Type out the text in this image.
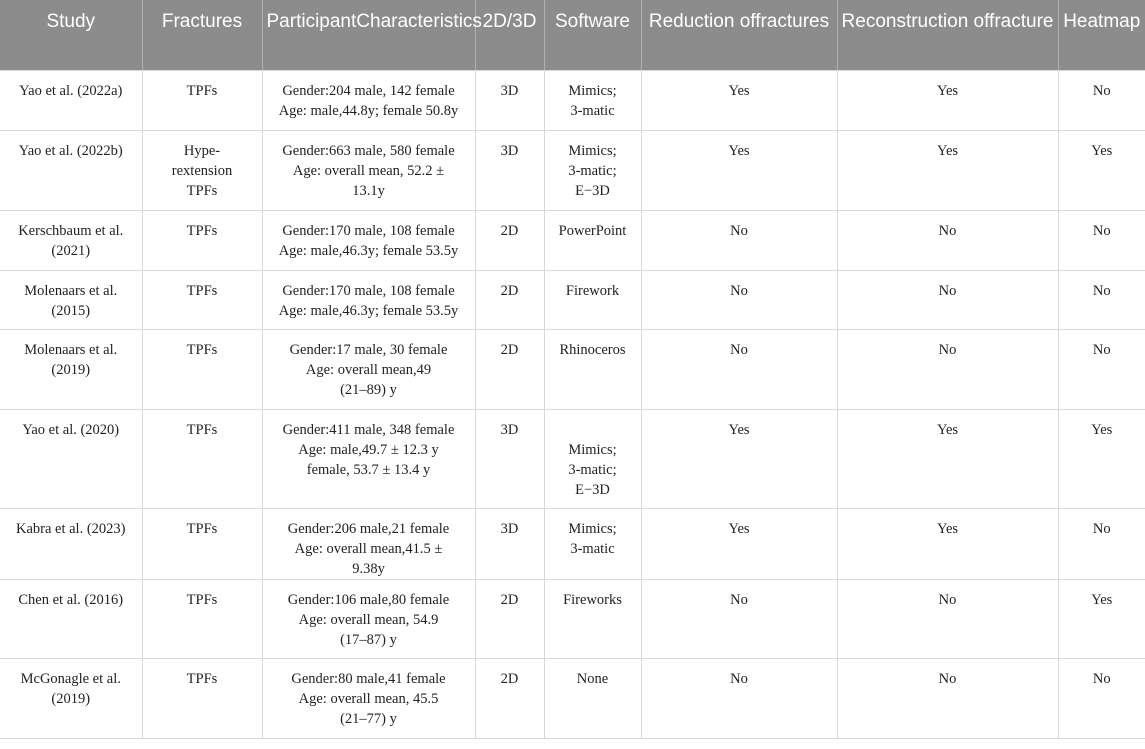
Study	Fractures	ParticipantCharacteristics	2D/3D	Software	Reduction offractures	Reconstruction offracture	Heatmap

Yao et al. (2022a)	TPFs	Gender:204 male, 142 female
Age: male,44.8y; female 50.8y	3D	Mimics;
3-matic	Yes	Yes	No

Yao et al. (2022b)	Hype-
rextension
TPFs	Gender:663 male, 580 female
Age: overall mean, 52.2 ±
13.1y	3D	Mimics;
3-matic;
E−3D	Yes	Yes	Yes

Kerschbaum et al.
(2021)	TPFs	Gender:170 male, 108 female
Age: male,46.3y; female 53.5y	2D	PowerPoint	No	No	No

Molenaars et al.
(2015)	TPFs	Gender:170 male, 108 female
Age: male,46.3y; female 53.5y	2D	Firework	No	No	No

Molenaars et al.
(2019)	TPFs	Gender:17 male, 30 female
Age: overall mean,49
(21–89) y	2D	Rhinoceros	No	No	No

Yao et al. (2020)	TPFs	Gender:411 male, 348 female
Age: male,49.7 ± 12.3 y
female, 53.7 ± 13.4 y	3D	Mimics;
3-matic;
E−3D	Yes	Yes	Yes

Kabra et al. (2023)	TPFs	Gender:206 male,21 female
Age: overall mean,41.5 ±
9.38y	3D	Mimics;
3-matic	Yes	Yes	No

Chen et al. (2016)	TPFs	Gender:106 male,80 female
Age: overall mean, 54.9
(17–87) y	2D	Fireworks	No	No	Yes

McGonagle et al.
(2019)	TPFs	Gender:80 male,41 female
Age: overall mean, 45.5
(21–77) y	2D	None	No	No	No
